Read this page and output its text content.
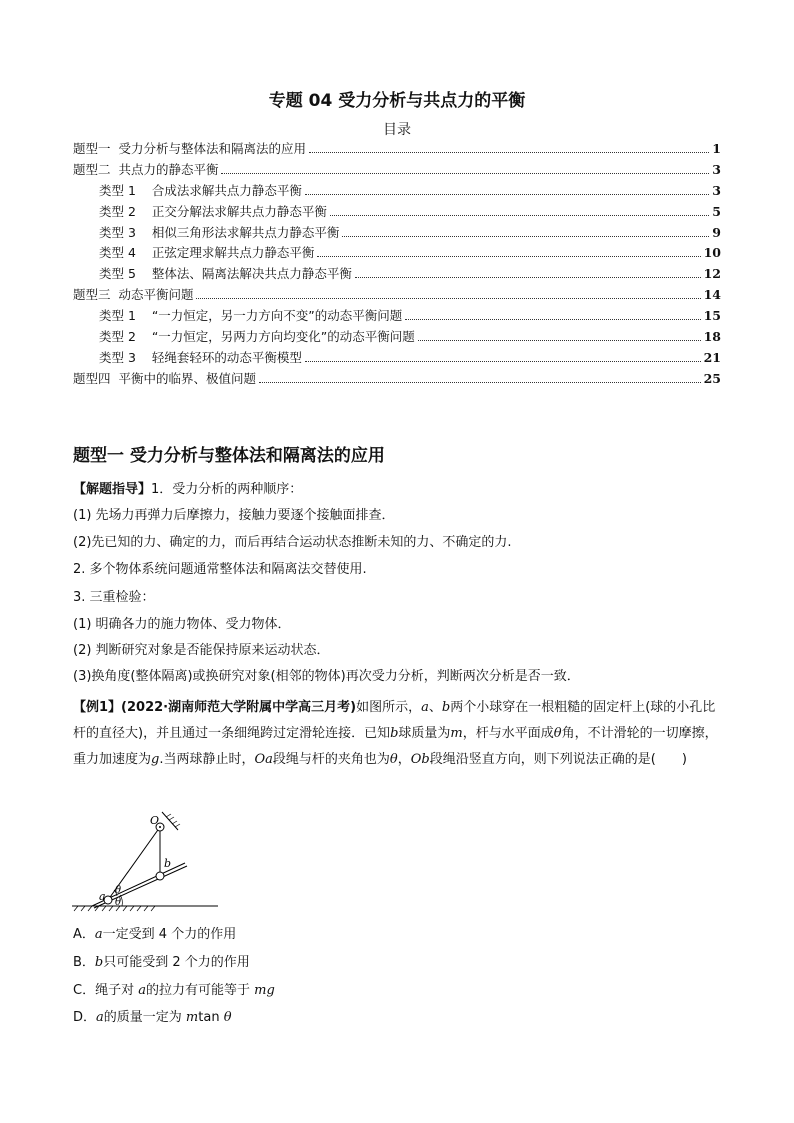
专题 04 受力分析与共点力的平衡
目录
题型一  受力分析与整体法和隔离法的应用	1
题型二  共点力的静态平衡	3
类型 1    合成法求解共点力静态平衡	3
类型 2    正交分解法求解共点力静态平衡	5
类型 3    相似三角形法求解共点力静态平衡	9
类型 4    正弦定理求解共点力静态平衡	10
类型 5    整体法、隔离法解决共点力静态平衡	12
题型三  动态平衡问题	14
类型 1    “一力恒定，另一力方向不变”的动态平衡问题	15
类型 2    “一力恒定，另两力方向均变化”的动态平衡问题	18
类型 3    轻绳套轻环的动态平衡模型	21
题型四  平衡中的临界、极值问题	25
题型一 受力分析与整体法和隔离法的应用
【解题指导】1．受力分析的两种顺序：
(1) 先场力再弹力后摩擦力，接触力要逐个接触面排查．
(2)先已知的力、确定的力，而后再结合运动状态推断未知的力、不确定的力.
2. 多个物体系统问题通常整体法和隔离法交替使用.
3. 三重检验：
(1) 明确各力的施力物体、受力物体．
(2) 判断研究对象是否能保持原来运动状态．
(3)换角度(整体隔离)或换研究对象(相邻的物体)再次受力分析，判断两次分析是否一致．
【例1】(2022·湖南师范大学附属中学高三月考)如图所示，a、b两个小球穿在一根粗糙的固定杆上(球的小孔比杆的直径大)，并且通过一条细绳跨过定滑轮连接．已知b球质量为m，杆与水平面成θ角，不计滑轮的一切摩擦，重力加速度为g.当两球静止时，Oa段绳与杆的夹角也为θ，Ob段绳沿竖直方向，则下列说法正确的是(　　)
O
b
a θ
θ
A．a一定受到 4 个力的作用
B．b只可能受到 2 个力的作用
C．绳子对 a的拉力有可能等于 mg
D．a的质量一定为 mtan θ
